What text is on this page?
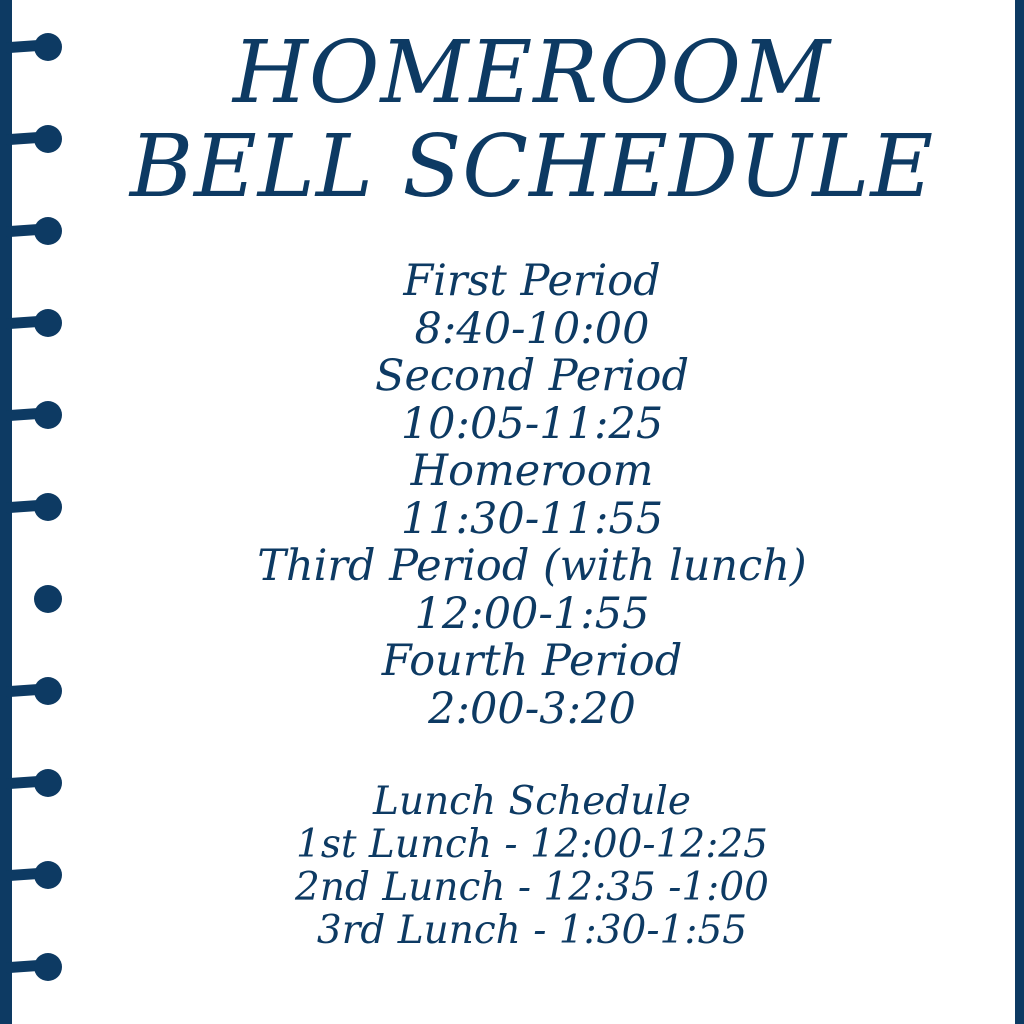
HOMEROOM
BELL SCHEDULE
First Period
8:40-10:00
Second Period
10:05-11:25
Homeroom
11:30-11:55
Third Period (with lunch)
12:00-1:55
Fourth Period
2:00-3:20
Lunch Schedule
1st Lunch - 12:00-12:25
2nd Lunch - 12:35 -1:00
3rd Lunch - 1:30-1:55
